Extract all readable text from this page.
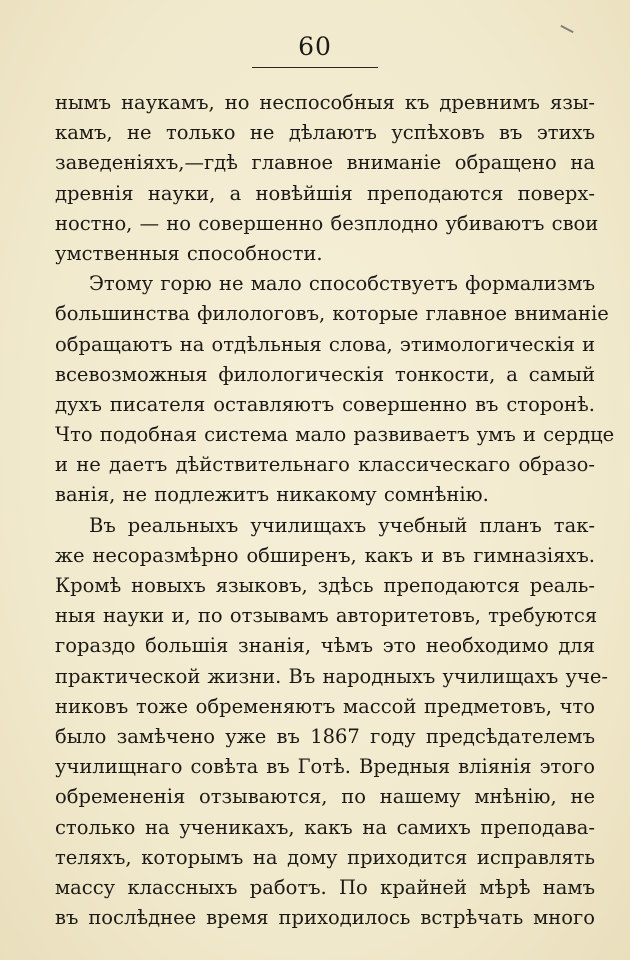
60
нымъ наукамъ, но неспособныя къ древнимъ язы-
камъ, не только не дѣлаютъ успѣховъ въ этихъ
заведеніяхъ,—гдѣ главное вниманіе обращено на
древнія науки, а новѣйшія преподаются поверх-
ностно, — но совершенно безплодно убиваютъ свои
умственныя способности.
Этому горю не мало способствуетъ формализмъ
большинства филологовъ, которые главное вниманіе
обращаютъ на отдѣльныя слова, этимологическія и
всевозможныя филологическія тонкости, а самый
духъ писателя оставляютъ совершенно въ сторонѣ.
Что подобная система мало развиваетъ умъ и сердце
и не даетъ дѣйствительнаго классическаго образо-
ванія, не подлежитъ никакому сомнѣнію.
Въ реальныхъ училищахъ учебный планъ так-
же несоразмѣрно обширенъ, какъ и въ гимназіяхъ.
Кромѣ новыхъ языковъ, здѣсь преподаются реаль-
ныя науки и, по отзывамъ авторитетовъ, требуются
гораздо большія знанія, чѣмъ это необходимо для
практической жизни. Въ народныхъ училищахъ уче-
никовъ тоже обременяютъ массой предметовъ, что
было замѣчено уже въ 1867 году предсѣдателемъ
училищнаго совѣта въ Готѣ. Вредныя вліянія этого
обремененія отзываются, по нашему мнѣнію, не
столько на ученикахъ, какъ на самихъ преподава-
теляхъ, которымъ на дому приходится исправлять
массу классныхъ работъ. По крайней мѣрѣ намъ
въ послѣднее время приходилось встрѣчать много
